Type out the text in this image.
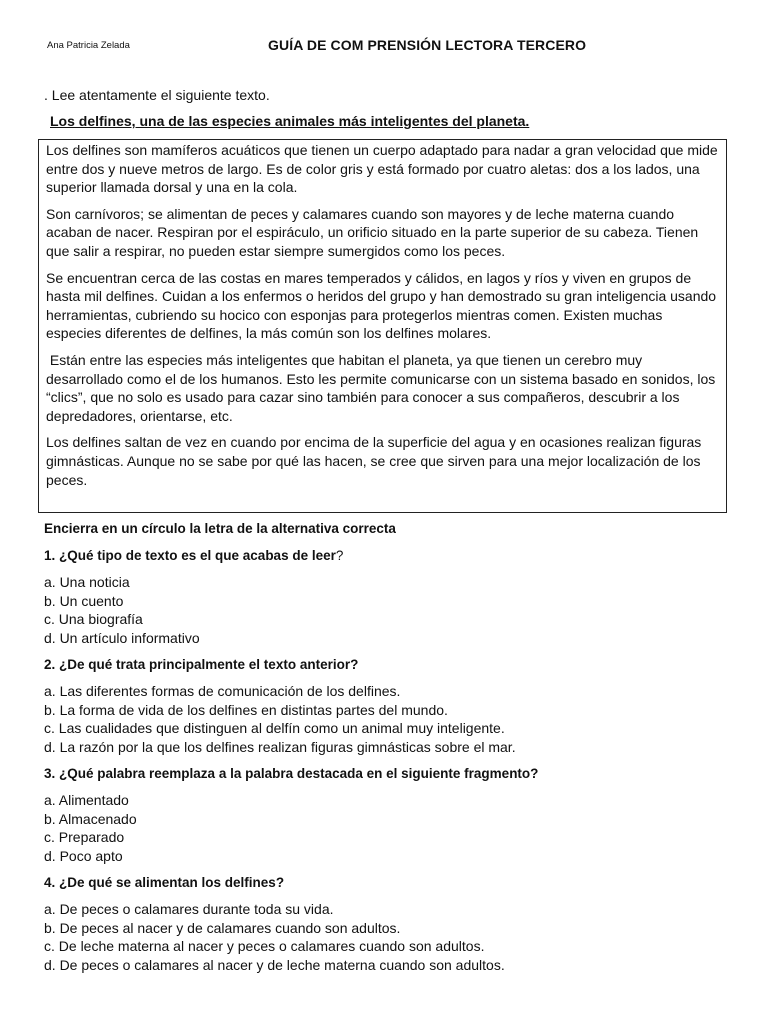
Ana Patricia Zelada	GUÍA DE COM PRENSIÓN LECTORA TERCERO
. Lee atentamente el siguiente texto.
Los delfines, una de las especies animales más inteligentes del planeta.

Los delfines son mamíferos acuáticos que tienen un cuerpo adaptado para nadar a gran velocidad que mide entre dos y nueve metros de largo. Es de color gris y está formado por cuatro aletas: dos a los lados, una superior llamada dorsal y una en la cola.

Son carnívoros; se alimentan de peces y calamares cuando son mayores y de leche materna cuando acaban de nacer. Respiran por el espiráculo, un orificio situado en la parte superior de su cabeza. Tienen que salir a respirar, no pueden estar siempre sumergidos como los peces.

Se encuentran cerca de las costas en mares temperados y cálidos, en lagos y ríos y viven en grupos de hasta mil delfines. Cuidan a los enfermos o heridos del grupo y han demostrado su gran inteligencia usando herramientas, cubriendo su hocico con esponjas para protegerlos mientras comen. Existen muchas especies diferentes de delfines, la más común son los delfines molares.

Están entre las especies más inteligentes que habitan el planeta, ya que tienen un cerebro muy desarrollado como el de los humanos. Esto les permite comunicarse con un sistema basado en sonidos, los “clics”, que no solo es usado para cazar sino también para conocer a sus compañeros, descubrir a los depredadores, orientarse, etc.

Los delfines saltan de vez en cuando por encima de la superficie del agua y en ocasiones realizan figuras gimnásticas. Aunque no se sabe por qué las hacen, se cree que sirven para una mejor localización de los peces.

Encierra en un círculo la letra de la alternativa correcta

1. ¿Qué tipo de texto es el que acabas de leer?

a. Una noticia

b. Un cuento

c. Una biografía

d. Un artículo informativo

2. ¿De qué trata principalmente el texto anterior?

a. Las diferentes formas de comunicación de los delfines.

b. La forma de vida de los delfines en distintas partes del mundo.

c. Las cualidades que distinguen al delfín como un animal muy inteligente.

d. La razón por la que los delfines realizan figuras gimnásticas sobre el mar.

3. ¿Qué palabra reemplaza a la palabra destacada en el siguiente fragmento?

a. Alimentado

b. Almacenado

c. Preparado

d. Poco apto

4. ¿De qué se alimentan los delfines?

a. De peces o calamares durante toda su vida.

b. De peces al nacer y de calamares cuando son adultos.

c. De leche materna al nacer y peces o calamares cuando son adultos.

d. De peces o calamares al nacer y de leche materna cuando son adultos.
